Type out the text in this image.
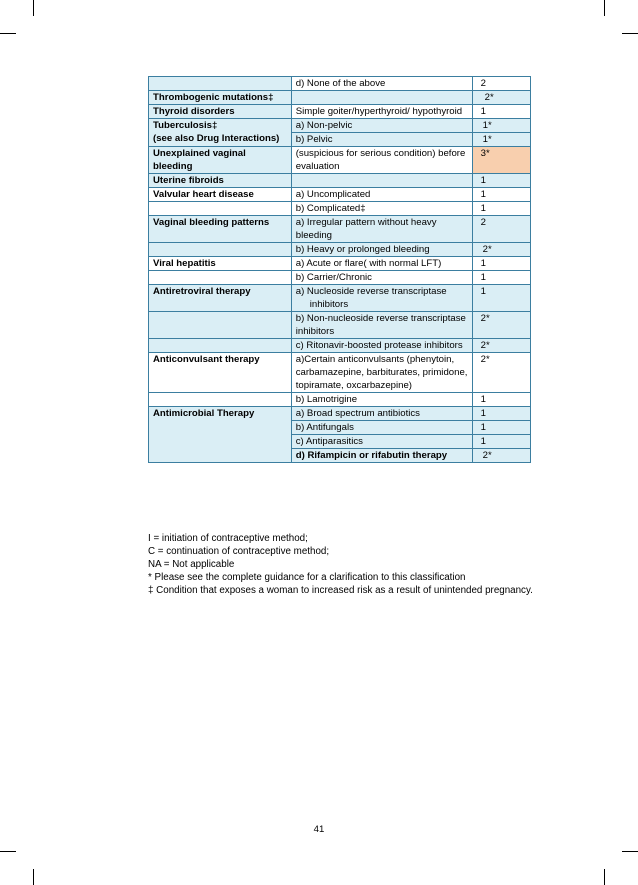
	d) None of the above	2
Thrombogenic mutations‡		2*
Thyroid disorders	Simple goiter/hyperthyroid/ hypothyroid	1

Tuberculosis‡
(see also Drug Interactions)	a) Non-pelvic	1*
	b) Pelvic	1*
Unexplained vaginal bleeding	(suspicious for serious condition) before evaluation	3*
Uterine fibroids		1
Valvular heart disease	a) Uncomplicated	1
	b) Complicated‡	1
Vaginal bleeding patterns	a) Irregular pattern without heavy bleeding	2
	b) Heavy or prolonged bleeding	2*
Viral hepatitis	a) Acute or flare( with normal LFT)	1
	b) Carrier/Chronic	1
Antiretroviral therapy	a) Nucleoside reverse transcriptase
inhibitors	1
	b) Non-nucleoside reverse transcriptase inhibitors	2*
	c) Ritonavir-boosted protease inhibitors	2*
Anticonvulsant therapy	a)Certain anticonvulsants (phenytoin, carbamazepine, barbiturates, primidone, topiramate, oxcarbazepine)	2*
	b) Lamotrigine	1
Antimicrobial Therapy	a) Broad spectrum antibiotics	1
	b) Antifungals	1
	c) Antiparasitics	1
	d) Rifampicin or rifabutin therapy	2*
I = initiation of contraceptive method;
C = continuation of contraceptive method;
NA = Not applicable
* Please see the complete guidance for a clarification to this classification
‡ Condition that exposes a woman to increased risk as a result of unintended pregnancy.
41
